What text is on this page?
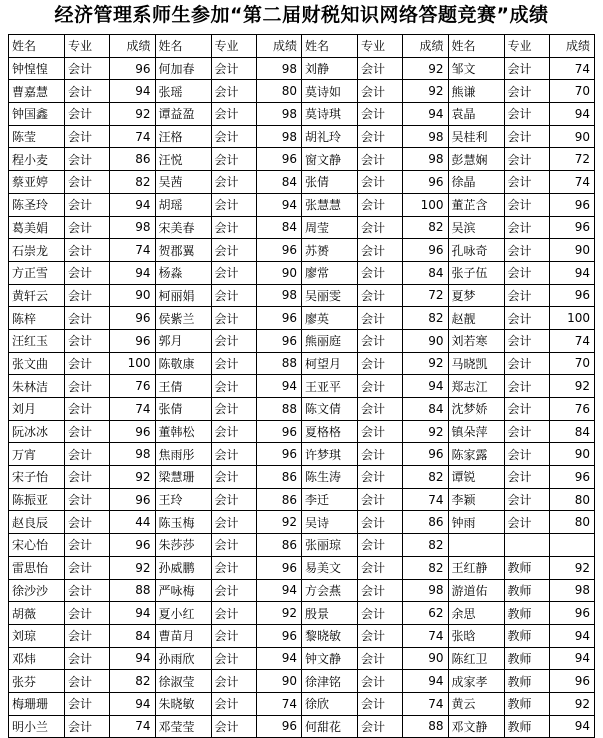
经济管理系师生参加“第二届财税知识网络答题竞赛”成绩
姓名	专业	成绩	姓名	专业	成绩	姓名	专业	成绩	姓名	专业	成绩
钟惶惶	会计	96	何加春	会计	98	刘静	会计	92	邹文	会计	74
曹嘉慧	会计	94	张瑶	会计	80	莫诗如	会计	92	熊谦	会计	70
钟国鑫	会计	92	谭益盈	会计	98	莫诗琪	会计	94	袁晶	会计	94
陈莹	会计	74	汪格	会计	98	胡礼玲	会计	98	吴桂利	会计	90
程小麦	会计	86	汪悦	会计	96	窗文静	会计	98	彭慧娴	会计	72
蔡亚婷	会计	82	吴茜	会计	84	张倩	会计	96	徐晶	会计	74
陈圣玲	会计	94	胡瑶	会计	94	张慧慧	会计	100	董芷含	会计	96
葛美娟	会计	98	宋美春	会计	84	周莹	会计	82	吴滨	会计	96
石崇龙	会计	74	贺郡翼	会计	96	苏赟	会计	96	孔咏奇	会计	90
方正雪	会计	94	杨淼	会计	90	廖常	会计	84	张子伍	会计	94
黄轩云	会计	90	柯丽娟	会计	98	吴丽雯	会计	72	夏梦	会计	96
陈梓	会计	96	侯紫兰	会计	96	廖英	会计	82	赵靓	会计	100
汪红玉	会计	96	郭月	会计	96	熊丽庭	会计	90	刘若寒	会计	74
张文曲	会计	100	陈敬康	会计	88	柯望月	会计	92	马晓凯	会计	70
朱林洁	会计	76	王倩	会计	94	王亚平	会计	94	郑志江	会计	92
刘月	会计	74	张倩	会计	88	陈文倩	会计	84	沈梦娇	会计	76
阮冰冰	会计	96	董韩松	会计	96	夏格格	会计	92	镇朵萍	会计	84
万宵	会计	98	焦雨彤	会计	96	许梦琪	会计	96	陈家露	会计	90
宋子怡	会计	92	梁慧珊	会计	86	陈生涛	会计	82	谭锐	会计	96
陈振亚	会计	96	王玲	会计	86	李迁	会计	74	李颖	会计	80
赵良辰	会计	44	陈玉梅	会计	92	吴诗	会计	86	钟雨	会计	80
宋心怡	会计	96	朱莎莎	会计	86	张丽琼	会计	82			
雷思怡	会计	92	孙威鹏	会计	96	易美文	会计	82	王红静	教师	92
徐沙沙	会计	88	严咏梅	会计	94	方会燕	会计	98	游道佑	教师	98
胡薇	会计	94	夏小红	会计	92	殷景	会计	62	余思	教师	96
刘琼	会计	84	曹苗月	会计	96	黎晓敏	会计	74	张晗	教师	94
邓炜	会计	94	孙雨欣	会计	94	钟文静	会计	90	陈红卫	教师	94
张芬	会计	82	徐淑莹	会计	90	徐津铭	会计	94	成家孝	教师	96
梅珊珊	会计	94	朱晓敏	会计	74	徐欣	会计	74	黄云	教师	92
明小兰	会计	74	邓莹莹	会计	96	何甜花	会计	88	邓文静	教师	94
